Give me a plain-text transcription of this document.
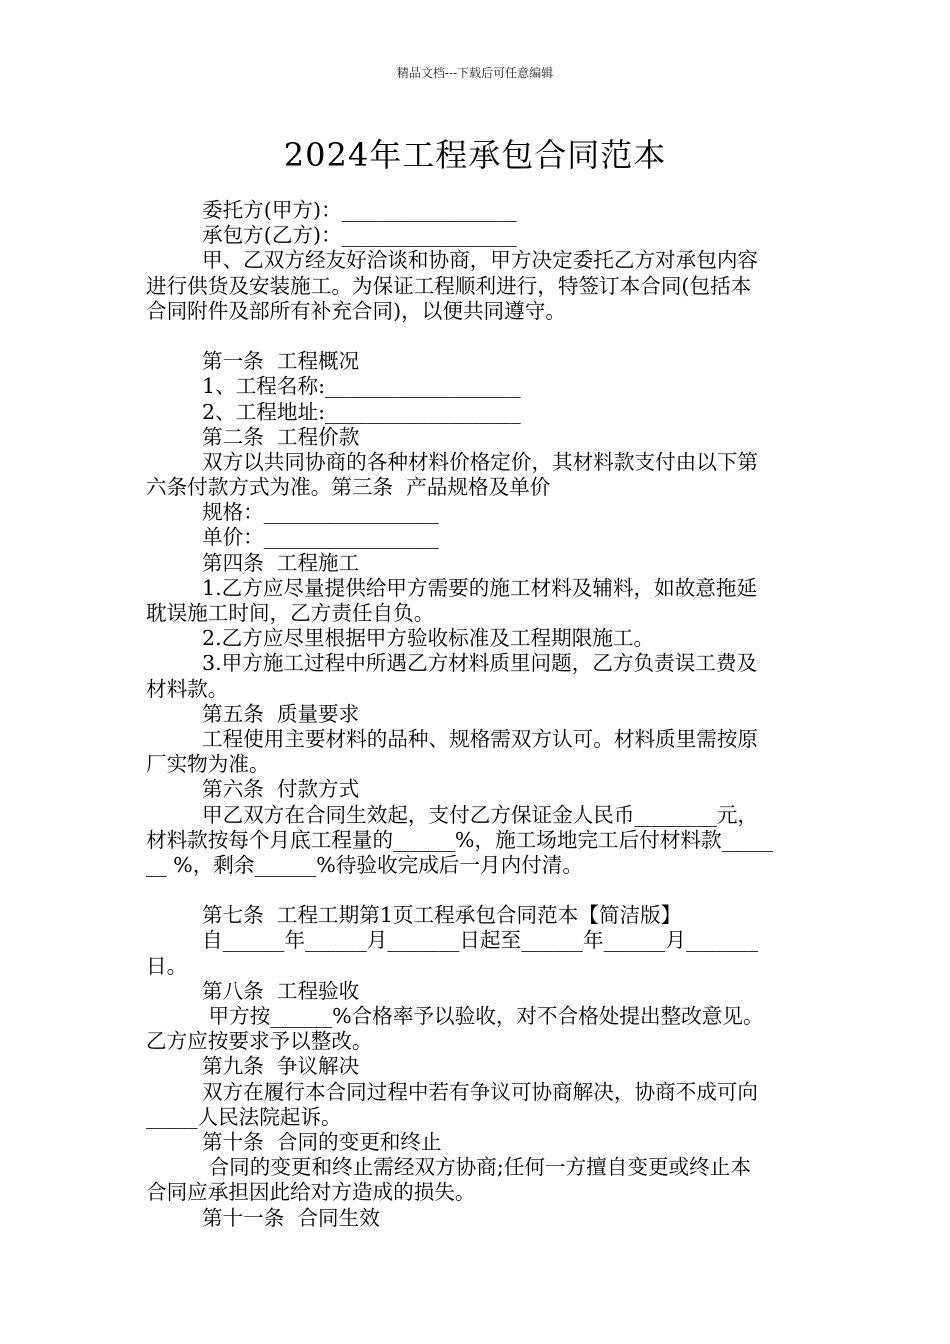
精品文档---下载后可任意编辑
2024年工程承包合同范本
委托方(甲方)：_________________
承包方(乙方)：_________________
甲、乙双方经友好洽谈和协商，甲方决定委托乙方对承包内容
进行供货及安装施工。为保证工程顺利进行，特签订本合同(包括本
合同附件及部所有补充合同)，以便共同遵守。
第一条  工程概况
1、工程名称:___________________
2、工程地址:___________________
第二条  工程价款
双方以共同协商的各种材料价格定价，其材料款支付由以下第
六条付款方式为准。第三条  产品规格及单价
规格：_________________
单价：_________________
第四条  工程施工
1.乙方应尽量提供给甲方需要的施工材料及辅料，如故意拖延
耽误施工时间，乙方责任自负。
2.乙方应尽里根据甲方验收标准及工程期限施工。
3.甲方施工过程中所遇乙方材料质里问题，乙方负责误工费及
材料款。
第五条  质量要求
工程使用主要材料的品种、规格需双方认可。材料质里需按原
厂实物为准。
第六条  付款方式
甲乙双方在合同生效起，支付乙方保证金人民币________元，
材料款按每个月底工程量的______%，施工场地完工后付材料款_____
__ %，剩余______%待验收完成后一月内付清。
第七条  工程工期第1页工程承包合同范本【简洁版】
自______年______月_______日起至______年______月_______
日。
第八条  工程验收
甲方按______%合格率予以验收，对不合格处提出整改意见。
乙方应按要求予以整改。
第九条  争议解决
双方在履行本合同过程中若有争议可协商解决，协商不成可向
_____人民法院起诉。
第十条  合同的变更和终止
合同的变更和终止需经双方协商;任何一方擅自变更或终止本
合同应承担因此给对方造成的损失。
第十一条  合同生效
